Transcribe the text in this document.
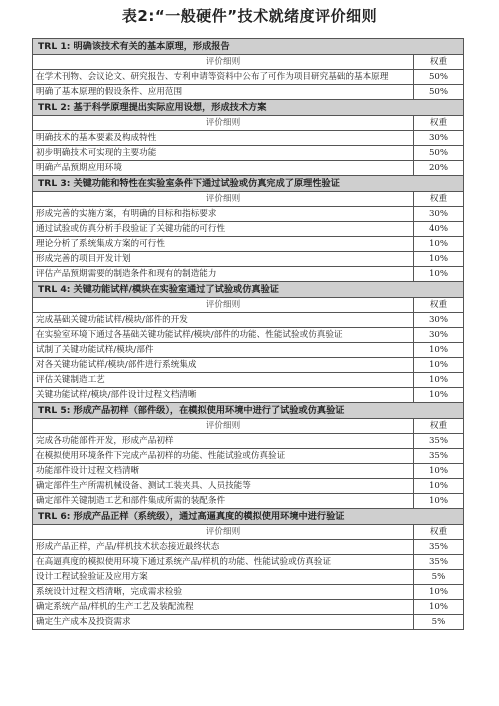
表2:“一般硬件”技术就绪度评价细则
TRL 1: 明确该技术有关的基本原理，形成报告	
评价细则	权重
在学术刊物、会议论文、研究报告、专利申请等资料中公布了可作为项目研究基础的基本原理	50%
明确了基本原理的假设条件、应用范围	50%
TRL 2: 基于科学原理提出实际应用设想，形成技术方案	
评价细则	权重
明确技术的基本要素及构成特性	30%
初步明确技术可实现的主要功能	50%
明确产品预期应用环境	20%
TRL 3: 关键功能和特性在实验室条件下通过试验或仿真完成了原理性验证	
评价细则	权重
形成完善的实施方案，有明确的目标和指标要求	30%
通过试验或仿真分析手段验证了关键功能的可行性	40%
理论分析了系统集成方案的可行性	10%
形成完善的项目开发计划	10%
评估产品预期需要的制造条件和现有的制造能力	10%
TRL 4: 关键功能试样/模块在实验室通过了试验或仿真验证	
评价细则	权重
完成基础关键功能试样/模块/部件的开发	30%
在实验室环境下通过各基础关键功能试样/模块/部件的功能、性能试验或仿真验证	30%
试制了关键功能试样/模块/部件	10%
对各关键功能试样/模块/部件进行系统集成	10%
评估关键制造工艺	10%
关键功能试样/模块/部件设计过程文档清晰	10%
TRL 5: 形成产品初样（部件级），在模拟使用环境中进行了试验或仿真验证	
评价细则	权重
完成各功能部件开发，形成产品初样	35%
在模拟使用环境条件下完成产品初样的功能、性能试验或仿真验证	35%
功能部件设计过程文档清晰	10%
确定部件生产所需机械设备、测试工装夹具、人员技能等	10%
确定部件关键制造工艺和部件集成所需的装配条件	10%
TRL 6: 形成产品正样（系统级），通过高逼真度的模拟使用环境中进行验证	
评价细则	权重
形成产品正样，产品/样机技术状态接近最终状态	35%
在高逼真度的模拟使用环境下通过系统产品/样机的功能、性能试验或仿真验证	35%
设计工程试验验证及应用方案	5%
系统设计过程文档清晰，完成需求检验	10%
确定系统产品/样机的生产工艺及装配流程	10%
确定生产成本及投资需求	5%
